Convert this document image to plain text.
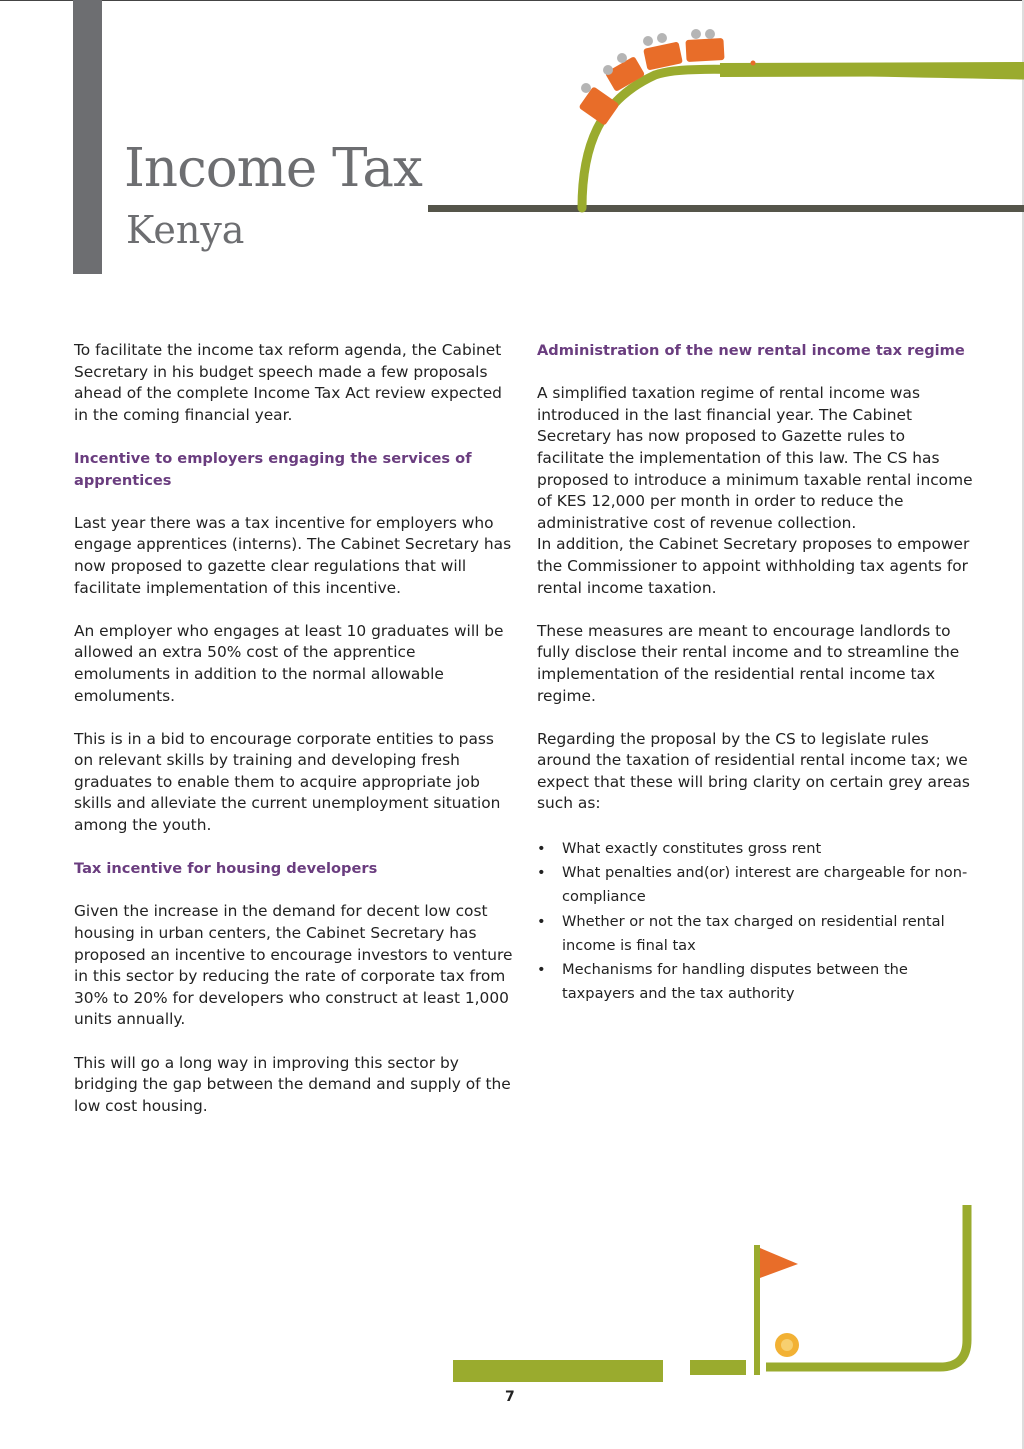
Income Tax
Kenya

To facilitate the income tax reform agenda, the Cabinet Secretary in his budget speech made a few proposals ahead of the complete Income Tax Act review expected in the coming financial year.

Incentive to employers engaging the services of apprentices

Last year there was a tax incentive for employers who engage apprentices (interns). The Cabinet Secretary has now proposed to gazette clear regulations that will facilitate implementation of this incentive.

An employer who engages at least 10 graduates will be allowed an extra 50% cost of the apprentice emoluments in addition to the normal allowable emoluments.

This is in a bid to encourage corporate entities to pass on relevant skills by training and developing fresh graduates to enable them to acquire appropriate job skills and alleviate the current unemployment situation among the youth.

Tax incentive for housing developers

Given the increase in the demand for decent low cost housing in urban centers, the Cabinet Secretary has proposed an incentive to encourage investors to venture in this sector by reducing the rate of corporate tax from 30% to 20% for developers who construct at least 1,000 units annually.

This will go a long way in improving this sector by bridging the gap between the demand and supply of the low cost housing.

Administration of the new rental income tax regime

A simplified taxation regime of rental income was introduced in the last financial year. The Cabinet Secretary has now proposed to Gazette rules to facilitate the implementation of this law. The CS has proposed to introduce a minimum taxable rental income of KES 12,000 per month in order to reduce the administrative cost of revenue collection.

In addition, the Cabinet Secretary proposes to empower the Commissioner to appoint withholding tax agents for rental income taxation.

These measures are meant to encourage landlords to fully disclose their rental income and to streamline the implementation of the residential rental income tax regime.

Regarding the proposal by the CS to legislate rules around the taxation of residential rental income tax; we expect that these will bring clarity on certain grey areas such as:

• What exactly constitutes gross rent
• What penalties and(or) interest are chargeable for non-compliance
• Whether or not the tax charged on residential rental income is final tax
• Mechanisms for handling disputes between the taxpayers and the tax authority
7
